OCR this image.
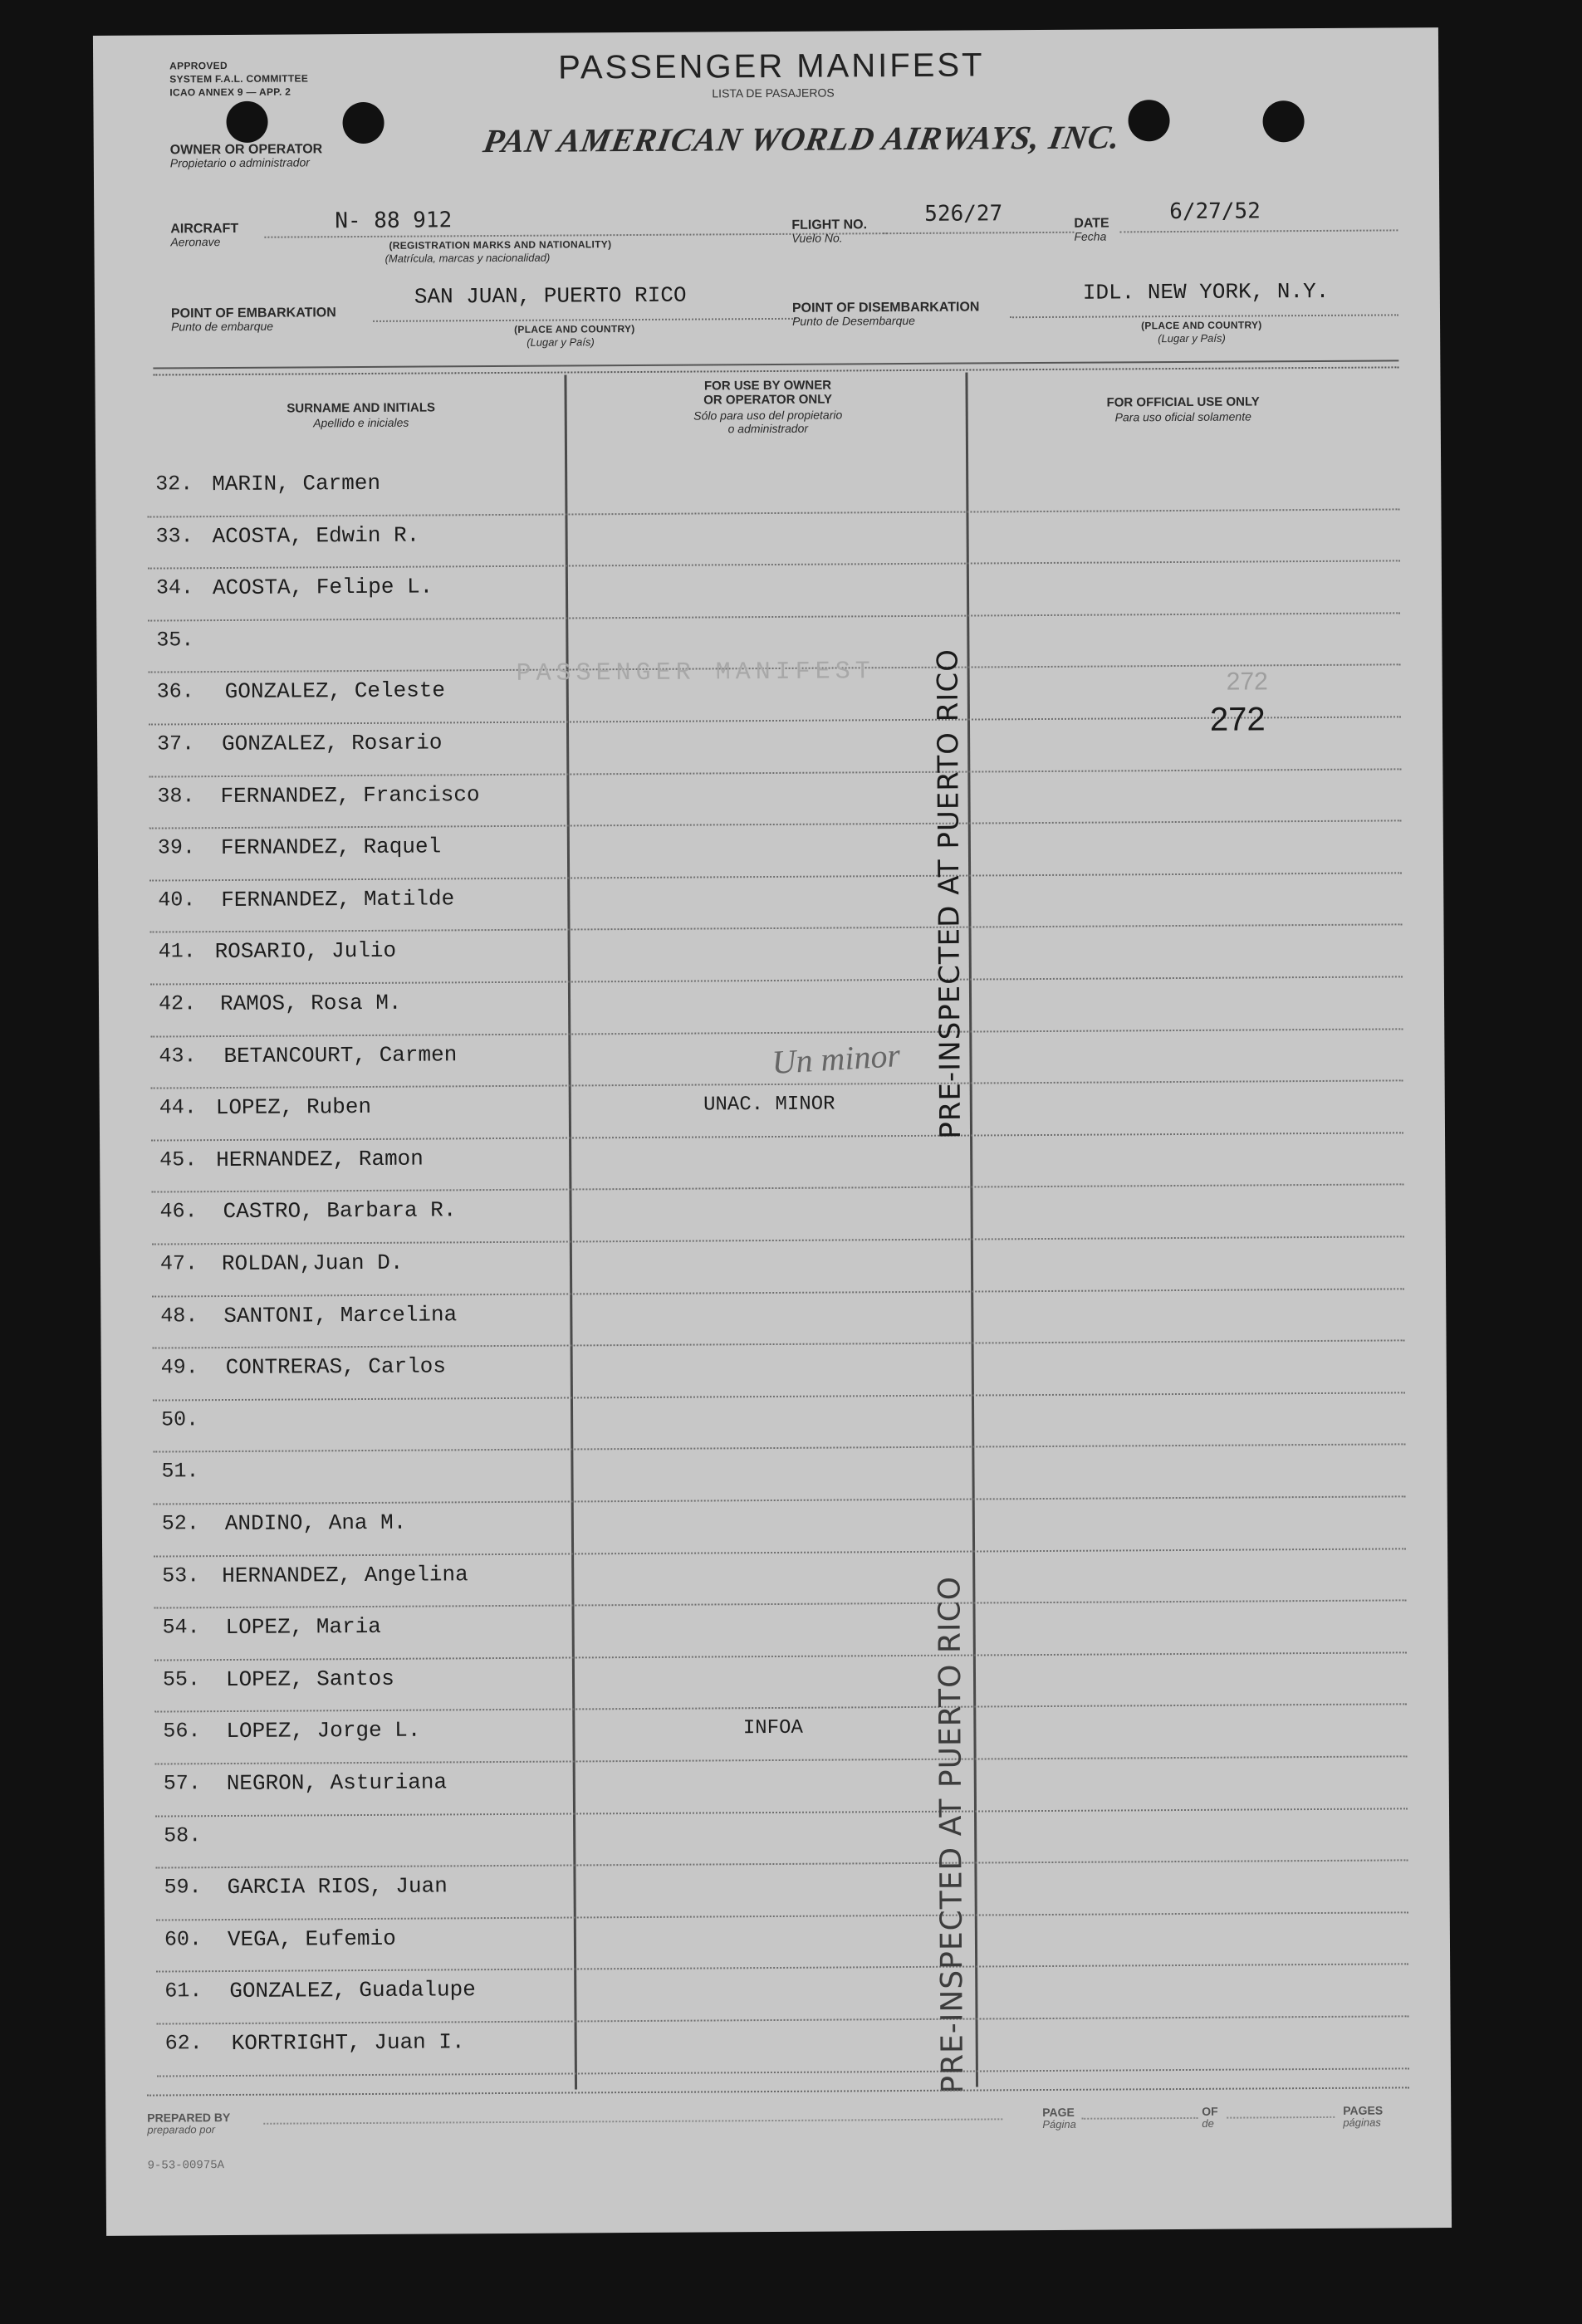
APPROVED
SYSTEM F.A.L. COMMITTEE
ICAO ANNEX 9 — APP. 2
PASSENGER MANIFEST
LISTA DE PASAJEROS
OWNER OR OPERATOR
Propietario o administrador
PAN AMERICAN WORLD AIRWAYS, INC.
AIRCRAFT
Aeronave
N- 88 912
(REGISTRATION MARKS AND NATIONALITY)
(Matrícula, marcas y nacionalidad)
FLIGHT NO.
Vuelo No.
526/27	DATE
Fecha
6/27/52
POINT OF EMBARKATION
Punto de embarque
SAN JUAN, PUERTO RICO
(PLACE AND COUNTRY)
(Lugar y País)
POINT OF DISEMBARKATION
Punto de Desembarque
IDL. NEW YORK, N.Y.
(PLACE AND COUNTRY)
(Lugar y País)
SURNAME AND INITIALS
Apellido e iniciales
FOR USE BY OWNER
OR OPERATOR ONLY
Sólo para uso del propietario
o administrador
FOR OFFICIAL USE ONLY
Para uso oficial solamente
32. MARIN, Carmen
33. ACOSTA, Edwin R.
34. ACOSTA, Felipe L.
35.
36. GONZALEZ, Celeste
37. GONZALEZ, Rosario
38. FERNANDEZ, Francisco
39. FERNANDEZ, Raquel
40. FERNANDEZ, Matilde
41. ROSARIO, Julio
42. RAMOS, Rosa M.
43. BETANCOURT, Carmen
44. LOPEZ, Ruben	UNAC. MINOR
45. HERNANDEZ, Ramon
46. CASTRO, Barbara R.
47. ROLDAN,Juan D.
48. SANTONI, Marcelina
49. CONTRERAS, Carlos
50.
51.
52. ANDINO, Ana M.
53. HERNANDEZ, Angelina
54. LOPEZ, Maria
55. LOPEZ, Santos
56. LOPEZ, Jorge L.	INFOA
57. NEGRON, Asturiana
58.
59. GARCIA RIOS, Juan
60. VEGA, Eufemio
61. GONZALEZ, Guadalupe
62. KORTRIGHT, Juan I.
PASSENGER MANIFEST	272
272
Un minor PRE-INSPECTED AT PUERTO RICO
PRE-INSPECTED AT PUERTO RICO
PREPARED BY
preparado por
PAGE
Página
OF
de
PAGES
páginas
9-53-00975A
